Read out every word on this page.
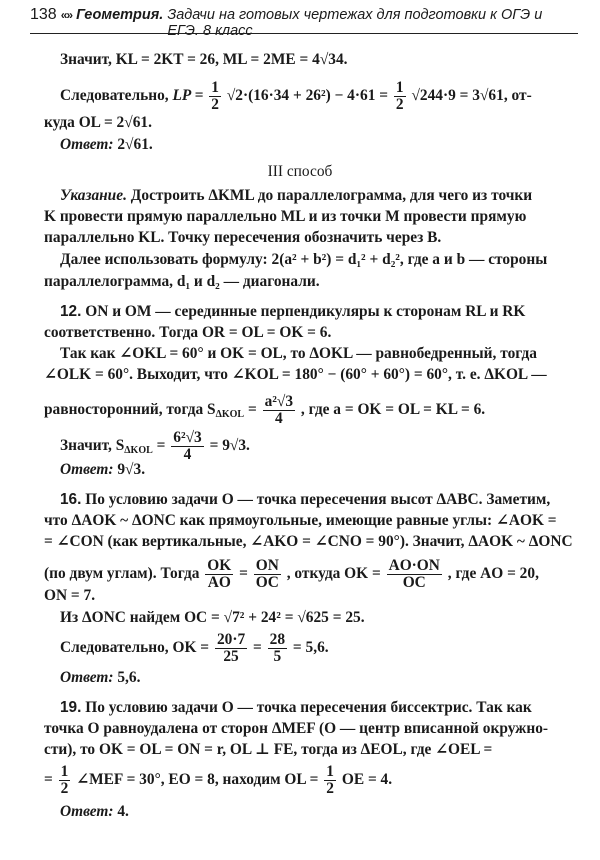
138 «» Геометрия. Задачи на готовых чертежах для подготовки к ОГЭ и ЕГЭ. 8 класс
Значит, KL = 2KT = 26, ML = 2ME = 4√34.
Следовательно, LP = $\frac{1}{2} √2\cdot(16\cdot 34 + 26^2) - 4\cdot 61 = \frac{1}{2} √244\cdot 9 = 3√61$, от-
куда OL = 2√61.
Ответ: 2√61.
III способ
Указание. Достроить ΔKML до параллелограмма, для чего из точки
K провести прямую параллельно ML и из точки M провести прямую
параллельно KL. Точку пересечения обозначить через B.
Далее использовать формулу: 2(a² + b²) = d₁² + d₂², где a и b — стороны
параллелограмма, d₁ и d₂ — диагонали.
12. ON и OM — серединные перпендикуляры к сторонам RL и RK
соответственно. Тогда OR = OL = OK = 6.
Так как ∠OKL = 60° и OK = OL, то ΔOKL — равнобедренный, тогда
∠OLK = 60°. Выходит, что ∠KOL = 180° − (60° + 60°) = 60°, т. е. ΔKOL —
равносторонний, тогда $S_{\Delta KOL} = \frac{\text{a²√3}}{4}$ , где a = OK = OL = KL = 6.
Значит, $S_{\Delta KOL} = \frac{\text{6²√3}}{4} = 9√3$.
Ответ: 9√3.
16. По условию задачи O — точка пересечения высот ΔABC. Заметим,
что ΔAOK ~ ΔONC как прямоугольные, имеющие равные углы: ∠AOK =
= ∠CON (как вертикальные, ∠AKO = ∠CNO = 90°). Значит, ΔAOK ~ ΔONC
(по двум углам). Тогда $\frac{OK}{AO} = \frac{ON}{OC}$ , откуда OK = $\frac{AO\cdot ON}{OC}$ , где AO = 20,
ON = 7.
Из ΔONC найдем OC = √7² + 24² = √625 = 25.
Следовательно, OK = $\frac{20\cdot 7}{25} = \frac{28}{5} = 5,6$.
Ответ: 5,6.
19. По условию задачи O — точка пересечения биссектрис. Так как
точка O равноудалена от сторон ΔMEF (O — центр вписанной окружно-
сти), то OK = OL = ON = r, OL ⊥ FE, тогда из ΔEOL, где ∠OEL =
= $\frac{1}{2}$ ∠MEF = 30°, EO = 8, находим OL = $\frac{1}{2}$ OE = 4.
Ответ: 4.
